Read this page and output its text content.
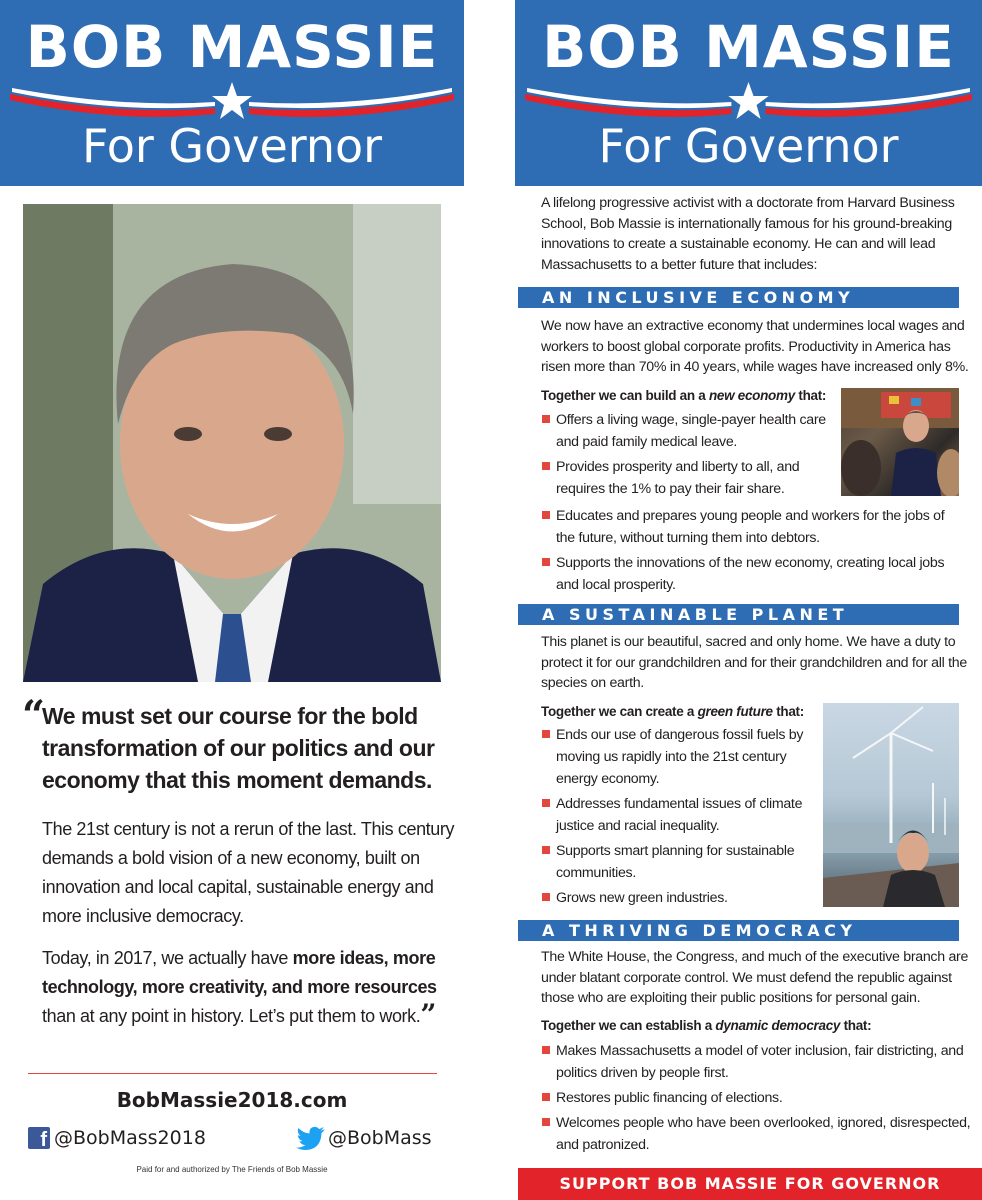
BOB MASSIE
For Governor
“
We must set our course for the bold transformation of our politics and our economy that this moment demands.
The 21st century is not a rerun of the last. This century demands a bold vision of a new economy, built on innovation and local capital, sustainable energy and more inclusive democracy.
Today, in 2017, we actually have more ideas, more technology, more creativity, and more resources than at any point in history. Let’s put them to work.”
BobMassie2018.com
f
@BobMass2018	@BobMass
Paid for and authorized by The Friends of Bob Massie
BOB MASSIE
For Governor
A lifelong progressive activist with a doctorate from Harvard Business School, Bob Massie is internationally famous for his ground-breaking innovations to create a sustainable economy. He can and will lead Massachusetts to a better future that includes:
AN INCLUSIVE ECONOMY
We now have an extractive economy that undermines local wages and workers to boost global corporate profits. Productivity in America has risen more than 70% in 40 years, while wages have increased only 8%.
Together we can build an a new economy that:
Offers a living wage, single-payer health care and paid family medical leave.
Provides prosperity and liberty to all, and requires the 1% to pay their fair share.
Educates and prepares young people and workers for the jobs of the future, without turning them into debtors.
Supports the innovations of the new economy, creating local jobs and local prosperity.
A SUSTAINABLE PLANET
This planet is our beautiful, sacred and only home. We have a duty to protect it for our grandchildren and for their grandchildren and for all the species on earth.
Together we can create a green future that:
Ends our use of dangerous fossil fuels by moving us rapidly into the 21st century energy economy.
Addresses fundamental issues of climate justice and racial inequality.
Supports smart planning for sustainable communities.
Grows new green industries.
A THRIVING DEMOCRACY
The White House, the Congress, and much of the executive branch are under blatant corporate control. We must defend the republic against those who are exploiting their public positions for personal gain.
Together we can establish a dynamic democracy that:
Makes Massachusetts a model of voter inclusion, fair districting, and politics driven by people first.
Restores public financing of elections.
Welcomes people who have been overlooked, ignored, disrespected, and patronized.
SUPPORT BOB MASSIE FOR GOVERNOR
